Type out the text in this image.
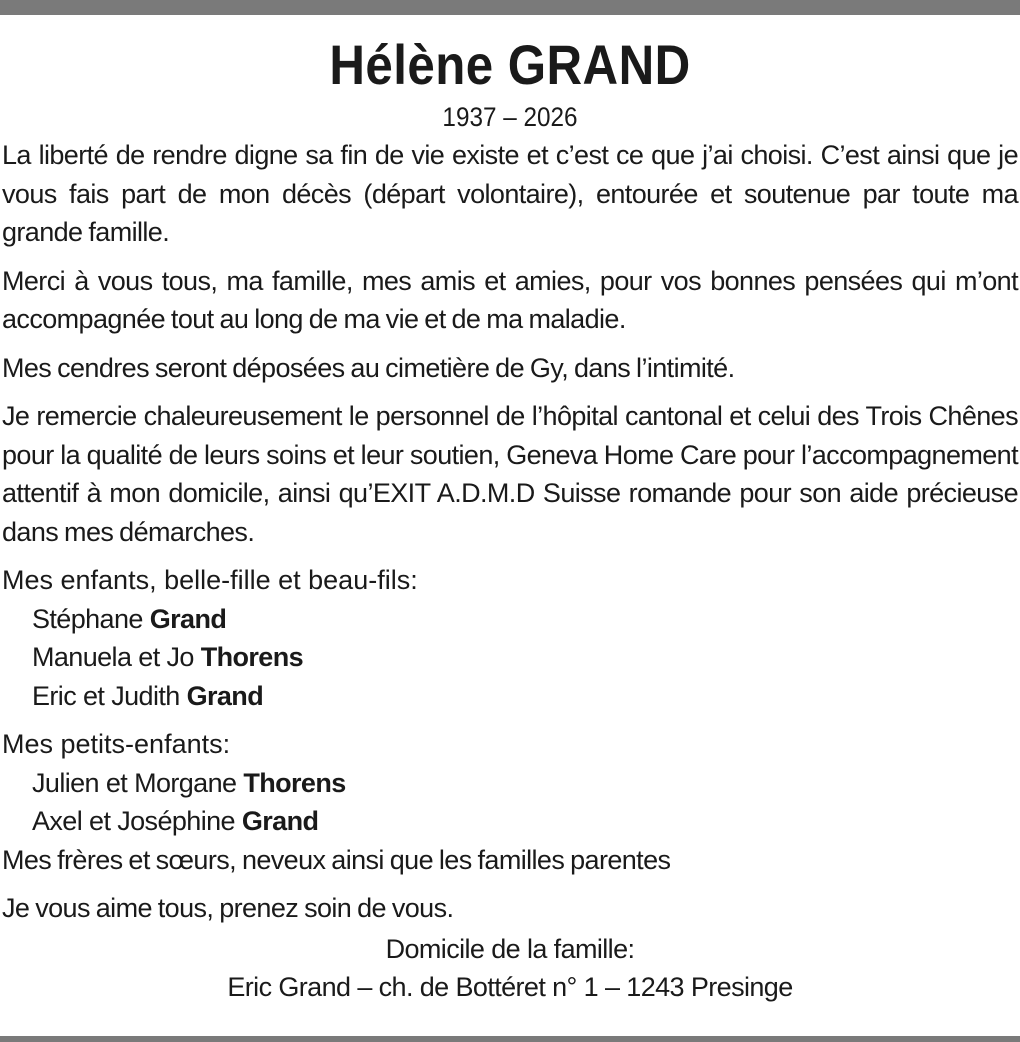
Hélène GRAND
1937 – 2026

La liberté de rendre digne sa fin de vie existe et c’est ce que j’ai choisi. C’est ainsi que je vous fais part de mon décès (départ volontaire), entourée et soutenue par toute ma grande famille.

Merci à vous tous, ma famille, mes amis et amies, pour vos bonnes pensées qui m’ont accompagnée tout au long de ma vie et de ma maladie.

Mes cendres seront déposées au cimetière de Gy, dans l’intimité.

Je remercie chaleureusement le personnel de l’hôpital cantonal et celui des Trois Chênes pour la qualité de leurs soins et leur soutien, Geneva Home Care pour l’accompagnement attentif à mon domicile, ainsi qu’EXIT A.D.M.D Suisse romande pour son aide précieuse dans mes démarches.

Mes enfants, belle-fille et beau-fils:
Stéphane Grand
Manuela et Jo Thorens
Eric et Judith Grand
Mes petits-enfants:
Julien et Morgane Thorens
Axel et Joséphine Grand

Mes frères et sœurs, neveux ainsi que les familles parentes

Je vous aime tous, prenez soin de vous.

Domicile de la famille:
Eric Grand – ch. de Bottéret n° 1 – 1243 Presinge
